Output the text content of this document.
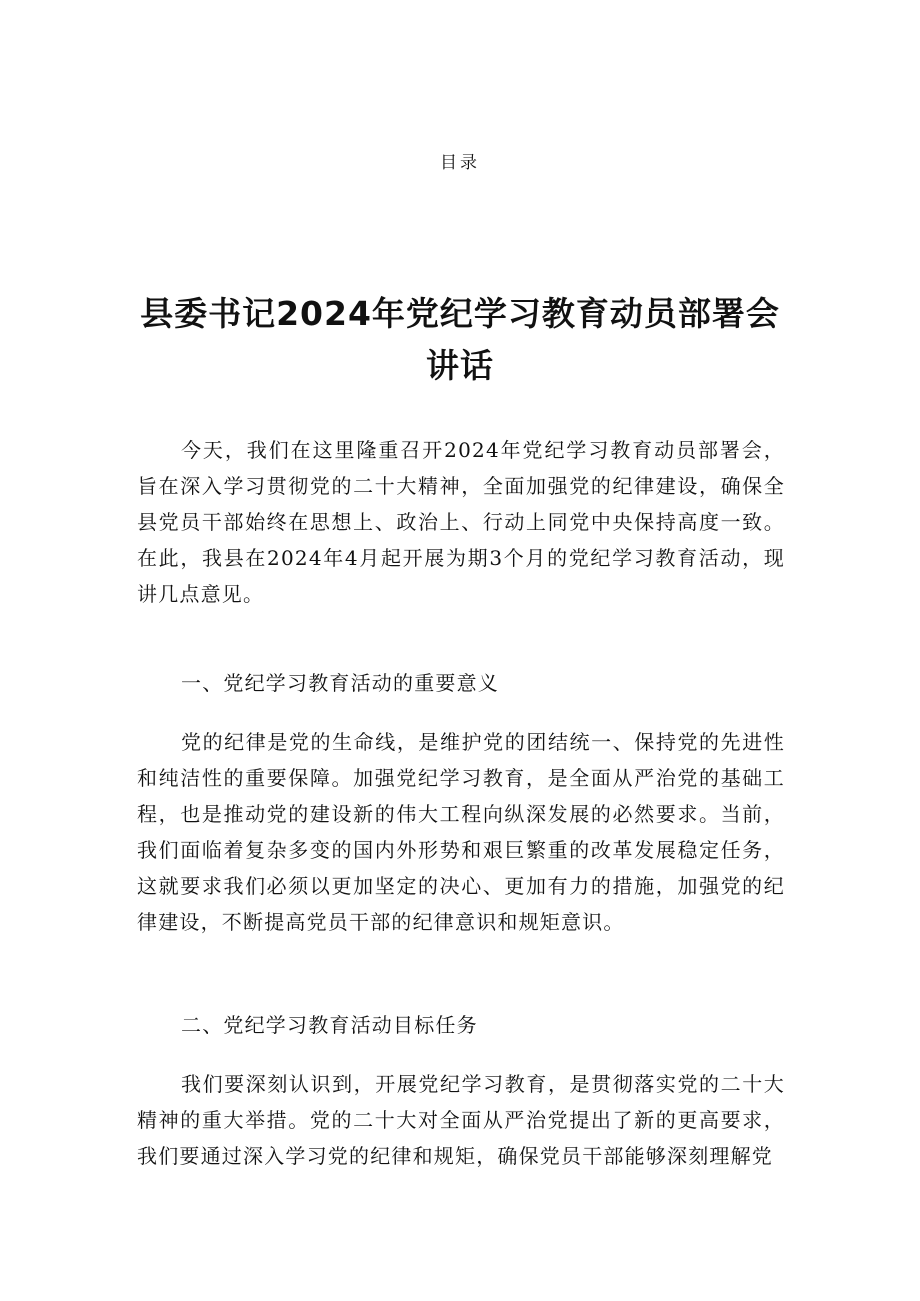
目录
县委书记2024年党纪学习教育动员部署会讲话

今天，我们在这里隆重召开2024年党纪学习教育动员部署会，旨在深入学习贯彻党的二十大精神，全面加强党的纪律建设，确保全县党员干部始终在思想上、政治上、行动上同党中央保持高度一致。在此，我县在2024年4月起开展为期3个月的党纪学习教育活动，现讲几点意见。

一、党纪学习教育活动的重要意义

党的纪律是党的生命线，是维护党的团结统一、保持党的先进性和纯洁性的重要保障。加强党纪学习教育，是全面从严治党的基础工程，也是推动党的建设新的伟大工程向纵深发展的必然要求。当前，我们面临着复杂多变的国内外形势和艰巨繁重的改革发展稳定任务，这就要求我们必须以更加坚定的决心、更加有力的措施，加强党的纪律建设，不断提高党员干部的纪律意识和规矩意识。

二、党纪学习教育活动目标任务

我们要深刻认识到，开展党纪学习教育，是贯彻落实党的二十大精神的重大举措。党的二十大对全面从严治党提出了新的更高要求，我们要通过深入学习党的纪律和规矩，确保党员干部能够深刻理解党
